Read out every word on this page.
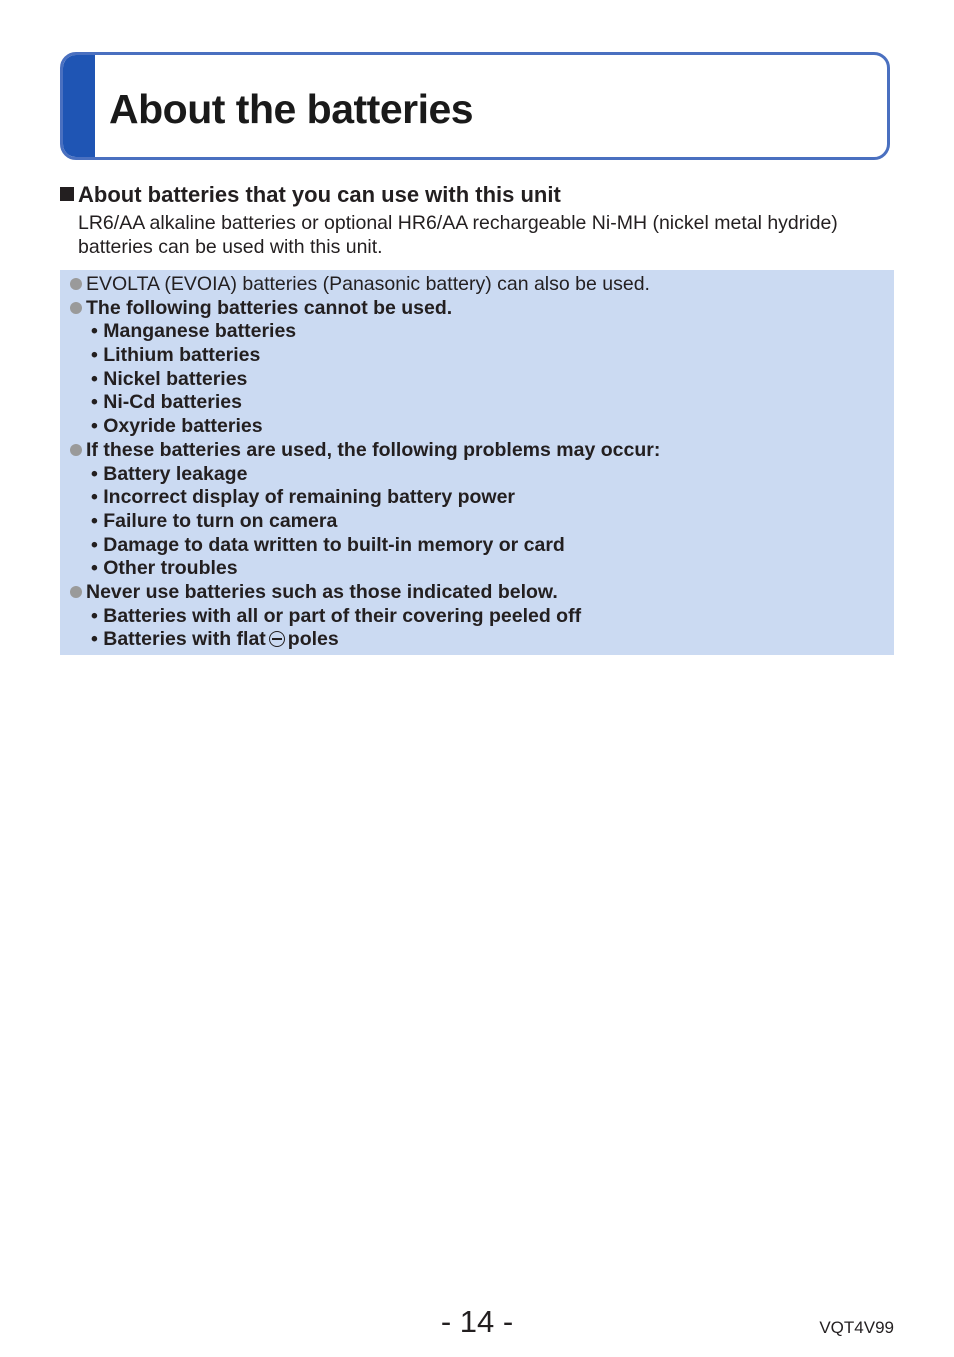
About the batteries
About batteries that you can use with this unit

LR6/AA alkaline batteries or optional HR6/AA rechargeable Ni-MH (nickel metal hydride) batteries can be used with this unit.

EVOLTA (EVOIA) batteries (Panasonic battery) can also be used.
The following batteries cannot be used.
• Manganese batteries
• Lithium batteries
• Nickel batteries
• Ni-Cd batteries
• Oxyride batteries
If these batteries are used, the following problems may occur:
• Battery leakage
• Incorrect display of remaining battery power
• Failure to turn on camera
• Damage to data written to built-in memory or card
• Other troubles
Never use batteries such as those indicated below.
• Batteries with all or part of their covering peeled off
• Batteries with flat poles
- 14 -	VQT4V99
